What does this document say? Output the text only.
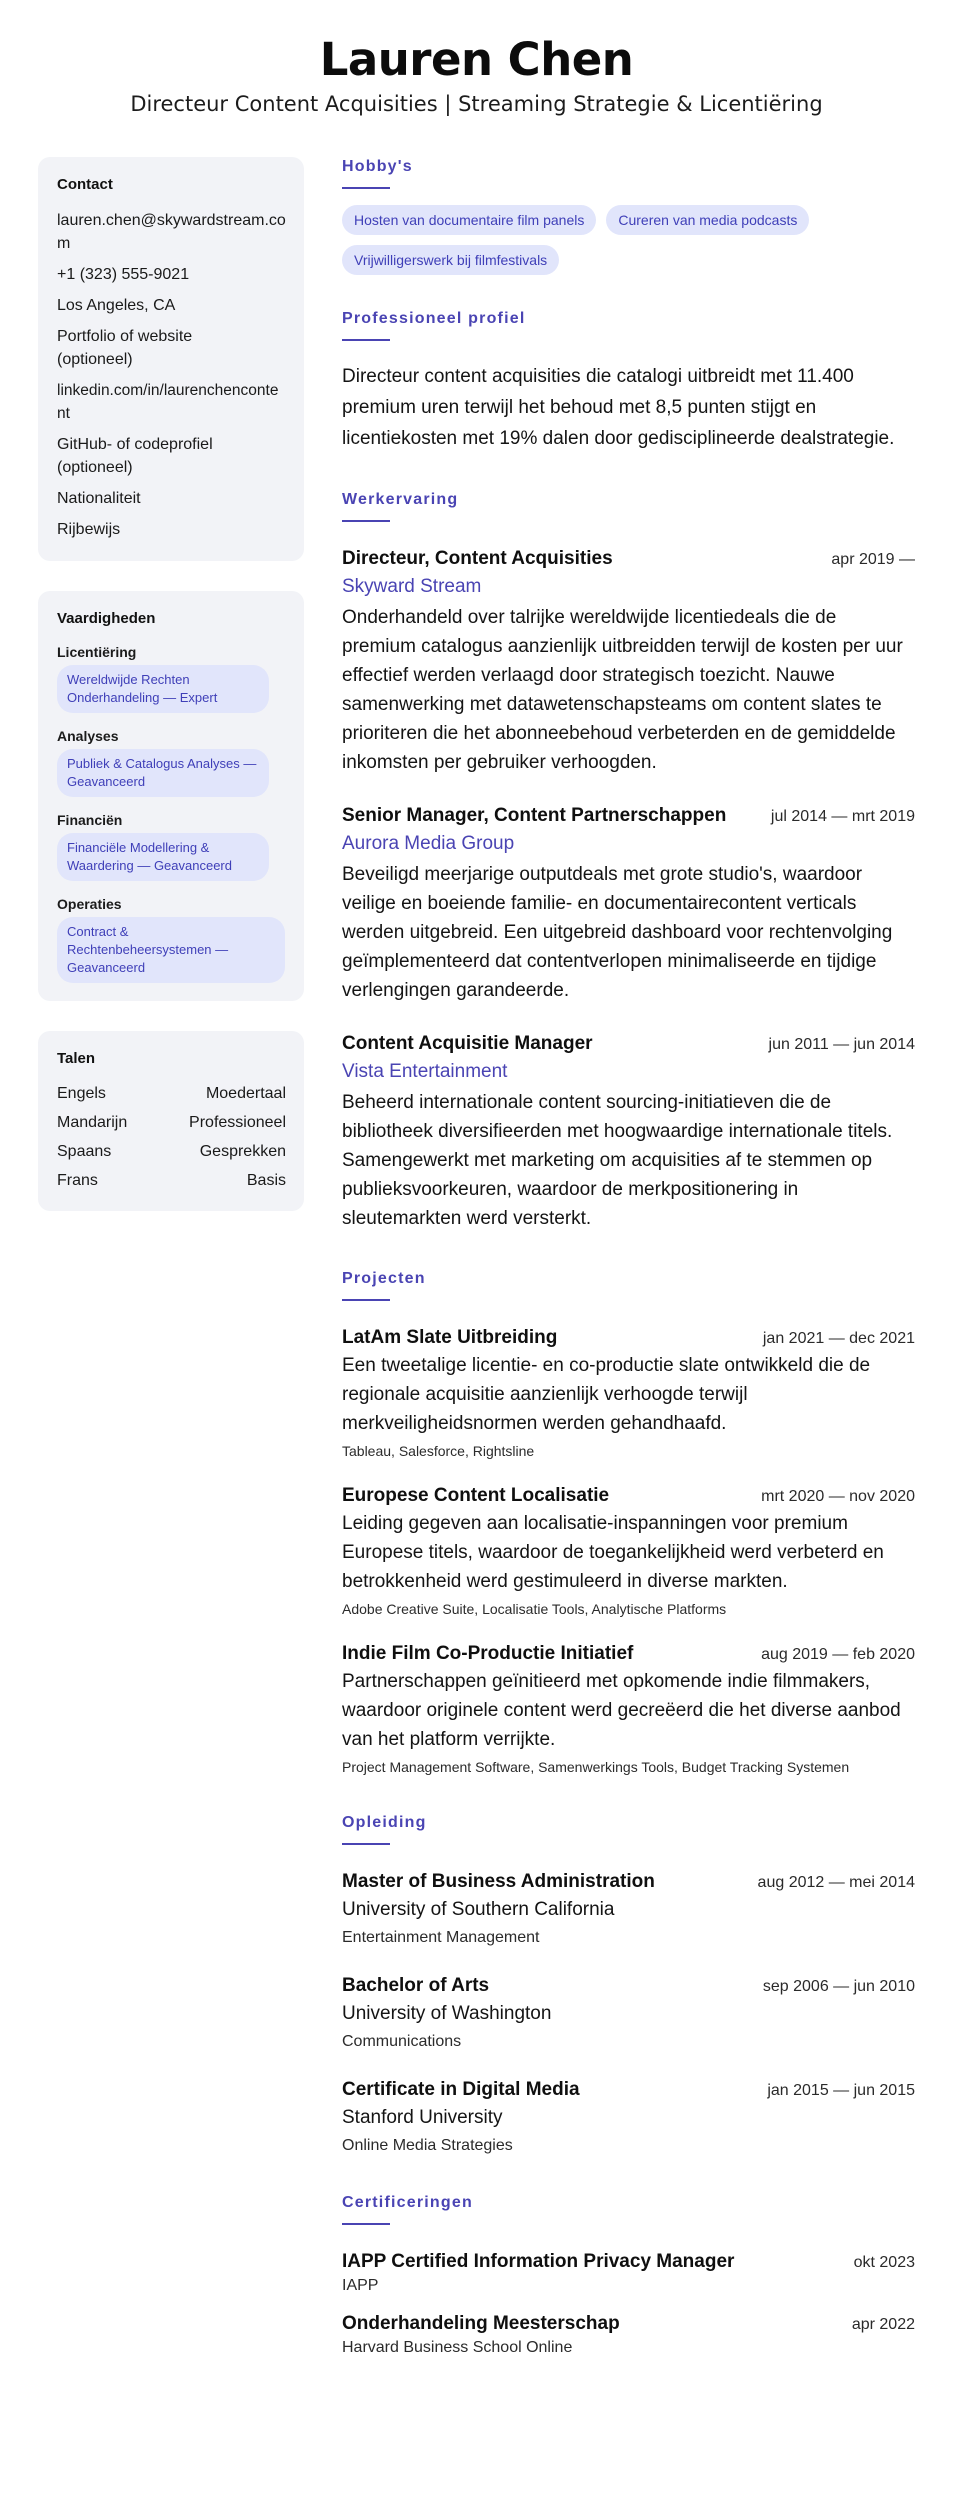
Lauren Chen
Directeur Content Acquisities | Streaming Strategie & Licentiëring
Contact
lauren.chen@skywardstream.com
+1 (323) 555-9021
Los Angeles, CA
Portfolio of website (optioneel)
linkedin.com/in/laurenchencontent
GitHub- of codeprofiel (optioneel)
Nationaliteit
Rijbewijs
Vaardigheden
Licentiëring
Wereldwijde Rechten Onderhandeling — Expert
Analyses
Publiek & Catalogus Analyses — Geavanceerd
Financiën
Financiële Modellering & Waardering — Geavanceerd
Operaties
Contract & Rechtenbeheersystemen — Geavanceerd
Talen
Engels	Moedertaal
Mandarijn	Professioneel
Spaans	Gesprekken
Frans	Basis
Hobby's
Hosten van documentaire film panels	Cureren van media podcasts
Vrijwilligerswerk bij filmfestivals
Professioneel profiel

Directeur content acquisities die catalogi uitbreidt met 11.400 premium uren terwijl het behoud met 8,5 punten stijgt en licentiekosten met 19% dalen door gedisciplineerde dealstrategie.

Werkervaring
Directeur, Content Acquisities	apr 2019 —
Skyward Stream
Onderhandeld over talrijke wereldwijde licentiedeals die de premium catalogus aanzienlijk uitbreidden terwijl de kosten per uur effectief werden verlaagd door strategisch toezicht. Nauwe samenwerking met datawetenschapsteams om content slates te prioriteren die het abonneebehoud verbeterden en de gemiddelde inkomsten per gebruiker verhoogden.
Senior Manager, Content Partnerschappen	jul 2014 — mrt 2019
Aurora Media Group
Beveiligd meerjarige outputdeals met grote studio's, waardoor veilige en boeiende familie- en documentairecontent verticals werden uitgebreid. Een uitgebreid dashboard voor rechtenvolging geïmplementeerd dat contentverlopen minimaliseerde en tijdige verlengingen garandeerde.
Content Acquisitie Manager	jun 2011 — jun 2014
Vista Entertainment
Beheerd internationale content sourcing-initiatieven die de bibliotheek diversifieerden met hoogwaardige internationale titels. Samengewerkt met marketing om acquisities af te stemmen op publieksvoorkeuren, waardoor de merkpositionering in sleutemarkten werd versterkt.
Projecten
LatAm Slate Uitbreiding	jan 2021 — dec 2021
Een tweetalige licentie- en co-productie slate ontwikkeld die de regionale acquisitie aanzienlijk verhoogde terwijl merkveiligheidsnormen werden gehandhaafd.
Tableau, Salesforce, Rightsline
Europese Content Localisatie	mrt 2020 — nov 2020
Leiding gegeven aan localisatie-inspanningen voor premium Europese titels, waardoor de toegankelijkheid werd verbeterd en betrokkenheid werd gestimuleerd in diverse markten.
Adobe Creative Suite, Localisatie Tools, Analytische Platforms
Indie Film Co-Productie Initiatief	aug 2019 — feb 2020
Partnerschappen geïnitieerd met opkomende indie filmmakers, waardoor originele content werd gecreëerd die het diverse aanbod van het platform verrijkte.
Project Management Software, Samenwerkings Tools, Budget Tracking Systemen
Opleiding
Master of Business Administration	aug 2012 — mei 2014
University of Southern California
Entertainment Management
Bachelor of Arts	sep 2006 — jun 2010
University of Washington
Communications
Certificate in Digital Media	jan 2015 — jun 2015
Stanford University
Online Media Strategies
Certificeringen
IAPP Certified Information Privacy Manager	okt 2023
IAPP
Onderhandeling Meesterschap	apr 2022
Harvard Business School Online
